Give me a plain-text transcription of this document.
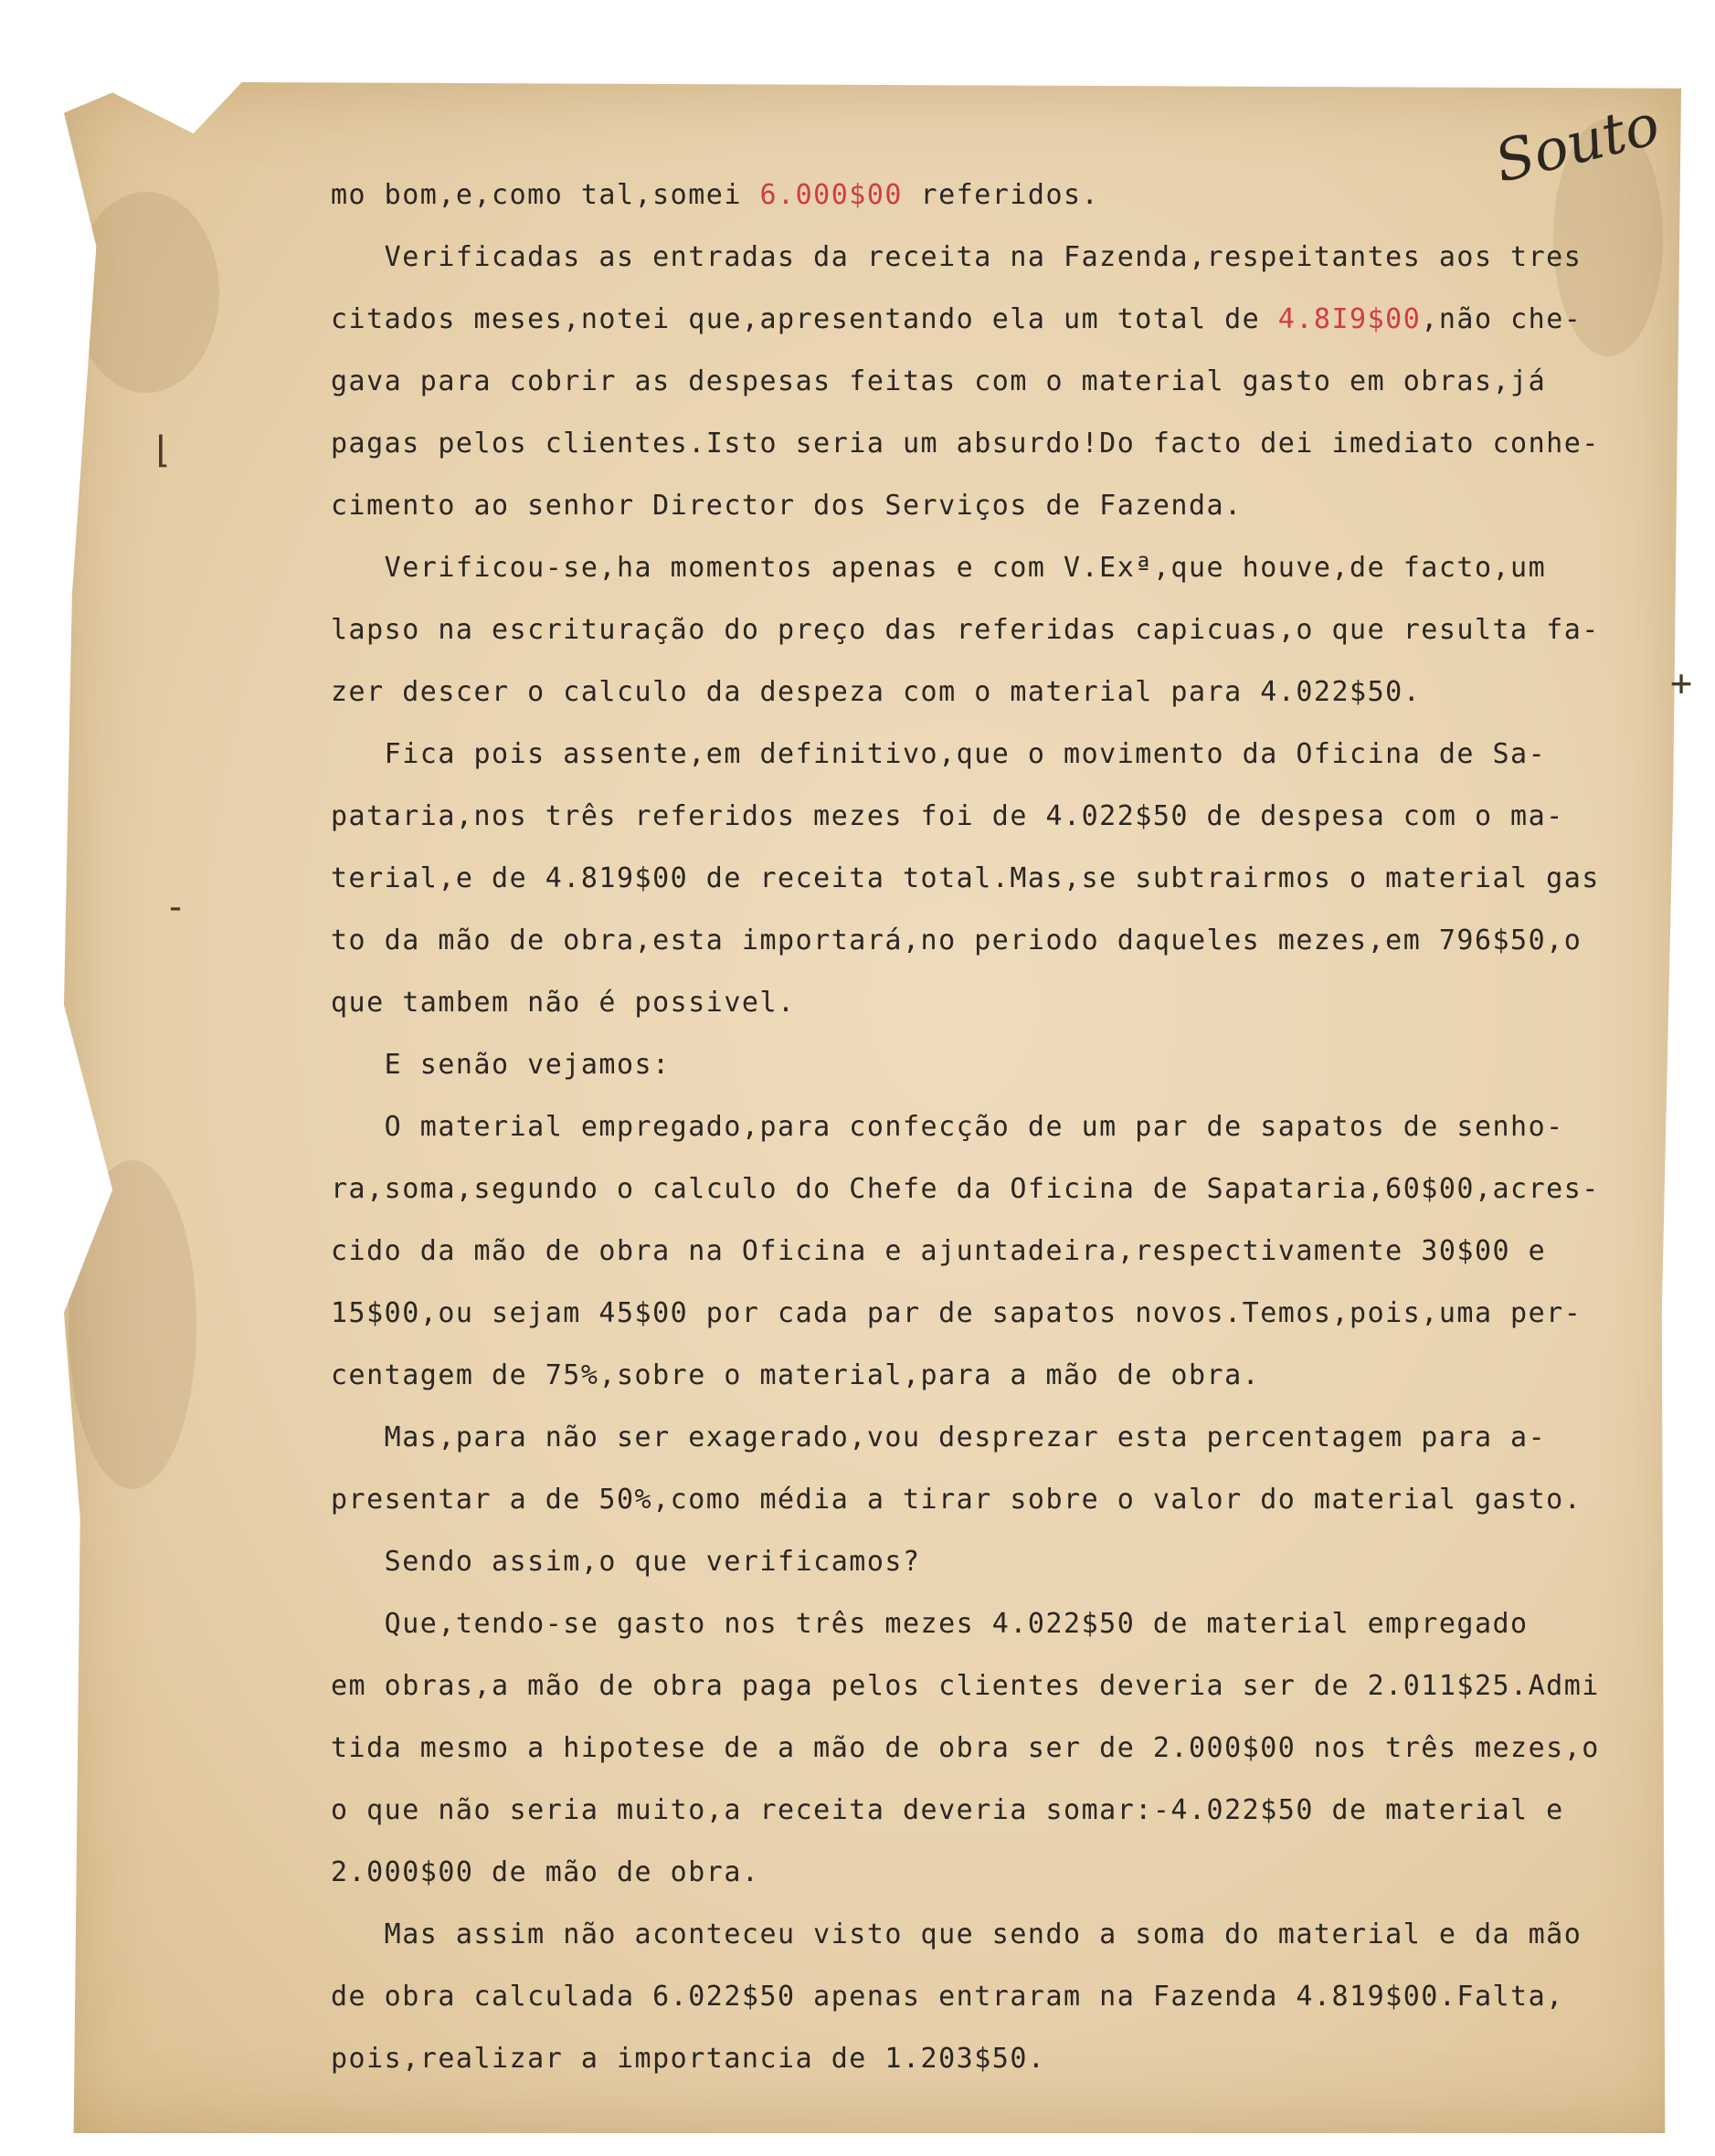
⌊
-
+
Souto
mo bom,e,como tal,somei 6.000$00 referidos.
Verificadas as entradas da receita na Fazenda,respeitantes aos tres
citados meses,notei que,apresentando ela um total de 4.8I9$00,não che-
gava para cobrir as despesas feitas com o material gasto em obras,já
pagas pelos clientes.Isto seria um absurdo!Do facto dei imediato conhe-
cimento ao senhor Director dos Serviços de Fazenda.
Verificou-se,ha momentos apenas e com V.Exª,que houve,de facto,um
lapso na escrituração do preço das referidas capicuas,o que resulta fa-
zer descer o calculo da despeza com o material para 4.022$50.
Fica pois assente,em definitivo,que o movimento da Oficina de Sa-
pataria,nos três referidos mezes foi de 4.022$50 de despesa com o ma-
terial,e de 4.819$00 de receita total.Mas,se subtrairmos o material gas
to da mão de obra,esta importará,no periodo daqueles mezes,em 796$50,o
que tambem não é possivel.
E senão vejamos:
O material empregado,para confecção de um par de sapatos de senho-
ra,soma,segundo o calculo do Chefe da Oficina de Sapataria,60$00,acres-
cido da mão de obra na Oficina e ajuntadeira,respectivamente 30$00 e
15$00,ou sejam 45$00 por cada par de sapatos novos.Temos,pois,uma per-
centagem de 75%,sobre o material,para a mão de obra.
Mas,para não ser exagerado,vou desprezar esta percentagem para a-
presentar a de 50%,como média a tirar sobre o valor do material gasto.
Sendo assim,o que verificamos?
Que,tendo-se gasto nos três mezes 4.022$50 de material empregado
em obras,a mão de obra paga pelos clientes deveria ser de 2.011$25.Admi
tida mesmo a hipotese de a mão de obra ser de 2.000$00 nos três mezes,o
o que não seria muito,a receita deveria somar:-4.022$50 de material e
2.000$00 de mão de obra.
Mas assim não aconteceu visto que sendo a soma do material e da mão
de obra calculada 6.022$50 apenas entraram na Fazenda 4.819$00.Falta,
pois,realizar a importancia de 1.203$50.
